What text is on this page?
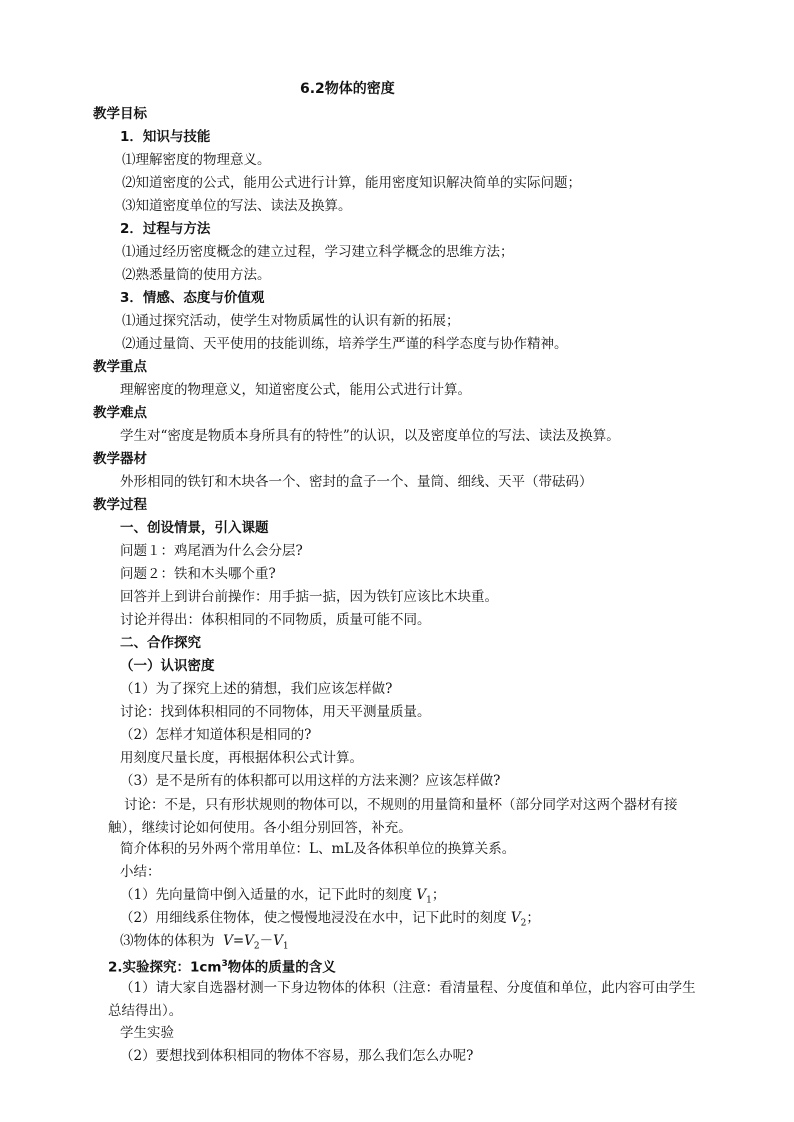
6.2物体的密度
教学目标
1．知识与技能
⑴理解密度的物理意义。
⑵知道密度的公式，能用公式进行计算，能用密度知识解决简单的实际问题；
⑶知道密度单位的写法、读法及换算。
2．过程与方法
⑴通过经历密度概念的建立过程，学习建立科学概念的思维方法；
⑵熟悉量筒的使用方法。
3．情感、态度与价值观
⑴通过探究活动，使学生对物质属性的认识有新的拓展；
⑵通过量筒、天平使用的技能训练，培养学生严谨的科学态度与协作精神。
教学重点
理解密度的物理意义，知道密度公式，能用公式进行计算。
教学难点
学生对“密度是物质本身所具有的特性”的认识，以及密度单位的写法、读法及换算。
教学器材
外形相同的铁钉和木块各一个、密封的盒子一个、量筒、细线、天平（带砝码）
教学过程
一、创设情景，引入课题
问题１：鸡尾酒为什么会分层?
问题２：铁和木头哪个重?
回答并上到讲台前操作：用手掂一掂，因为铁钉应该比木块重。
讨论并得出：体积相同的不同物质，质量可能不同。
二、合作探究
（一）认识密度
（1）为了探究上述的猜想，我们应该怎样做?
讨论：找到体积相同的不同物体，用天平测量质量。
（2）怎样才知道体积是相同的?
用刻度尺量长度，再根据体积公式计算。
（3）是不是所有的体积都可以用这样的方法来测？应该怎样做?
讨论：不是，只有形状规则的物体可以，不规则的用量筒和量杯（部分同学对这两个器材有接触），继续讨论如何使用。各小组分别回答，补充。
简介体积的另外两个常用单位：L、mL及各体积单位的换算关系。
小结：
（1）先向量筒中倒入适量的水，记下此时的刻度 $V_1$；
（2）用细线系住物体，使之慢慢地浸没在水中，记下此时的刻度 $V_2$；
⑶物体的体积为 $V=V_2-V_1$
2.实验探究：$1cm^3$物体的质量的含义
（1）请大家自选器材测一下身边物体的体积（注意：看清量程、分度值和单位，此内容可由学生总结得出）。
学生实验
（2）要想找到体积相同的物体不容易，那么我们怎么办呢?
